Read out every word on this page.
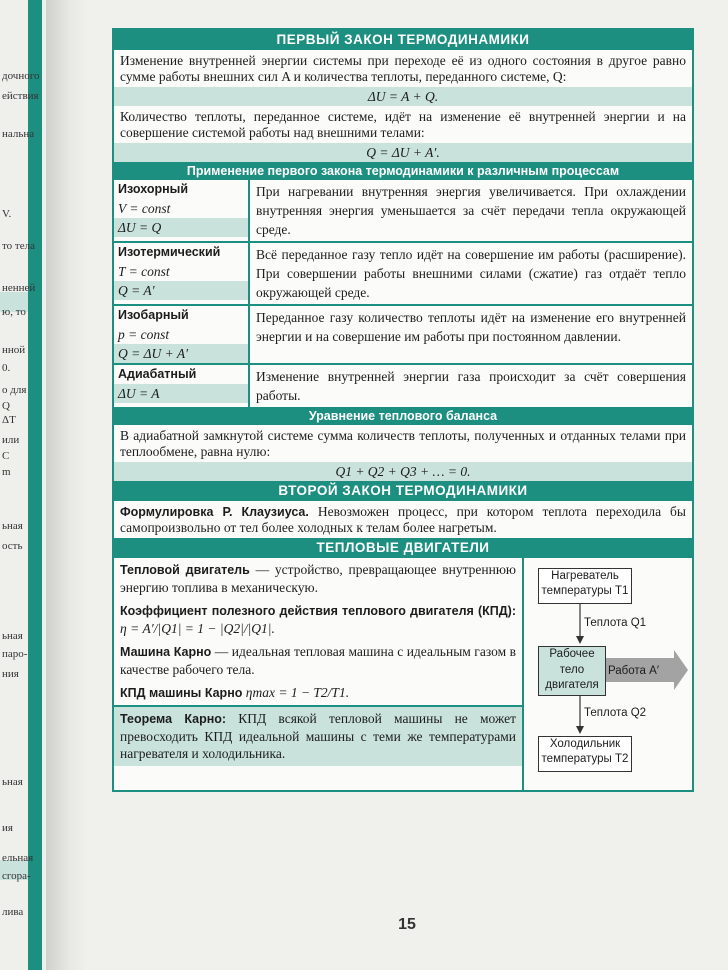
дочного
ействия
нальна
V.
то тела
ненней
ю, то
нной
0.
о для
Q
ΔT
или
C
m
ьная
ость
ьная
паро-
ния
ьная
ия
ельная
сгора-
лива
ПЕРВЫЙ ЗАКОН ТЕРМОДИНАМИКИ
Изменение внутренней энергии системы при переходе её из одного состояния в другое равно сумме работы внешних сил A и количества теплоты, переданного системе, Q:
ΔU = A + Q.
Количество теплоты, переданное системе, идёт на изменение её внутренней энергии и на совершение системой работы над внешними телами:
Q = ΔU + A′.
Применение первого закона термодинамики к различным процессам
Изохорный
V = const
ΔU = Q
При нагревании внутренняя энергия увеличивается. При охлаждении внутренняя энергия уменьшается за счёт передачи тепла окружающей среде.
Изотермический
T = const
Q = A′
Всё переданное газу тепло идёт на совершение им работы (расширение). При совершении работы внешними силами (сжатие) газ отдаёт тепло окружающей среде.
Изобарный
p = const
Q = ΔU + A′
Переданное газу количество теплоты идёт на изменение его внутренней энергии и на совершение им работы при постоянном давлении.
Адиабатный
ΔU = A
Изменение внутренней энергии газа происходит за счёт совершения работы.
Уравнение теплового баланса
В адиабатной замкнутой системе сумма количеств теплоты, полученных и отданных телами при теплообмене, равна нулю:
Q1 + Q2 + Q3 + … = 0.
ВТОРОЙ ЗАКОН ТЕРМОДИНАМИКИ
Формулировка Р. Клаузиуса. Невозможен процесс, при котором теплота переходила бы самопроизвольно от тел более холодных к телам более нагретым.
ТЕПЛОВЫЕ ДВИГАТЕЛИ
Тепловой двигатель — устройство, превращающее внутреннюю энергию топлива в механическую.
Коэффициент полезного действия теплового двигателя (КПД): η = A′/|Q1| = 1 − |Q2|/|Q1|.
Машина Карно — идеальная тепловая машина с идеальным газом в качестве рабочего тела.
КПД машины Карно ηmax = 1 − T2/T1.
Теорема Карно: КПД всякой тепловой машины не может превосходить КПД идеальной машины с теми же температурами нагревателя и холодильника.
Нагреватель
температуры T1
Теплота Q1
Рабочее
тело
двигателя
Работа A′
Теплота Q2
Холодильник
температуры T2
15
